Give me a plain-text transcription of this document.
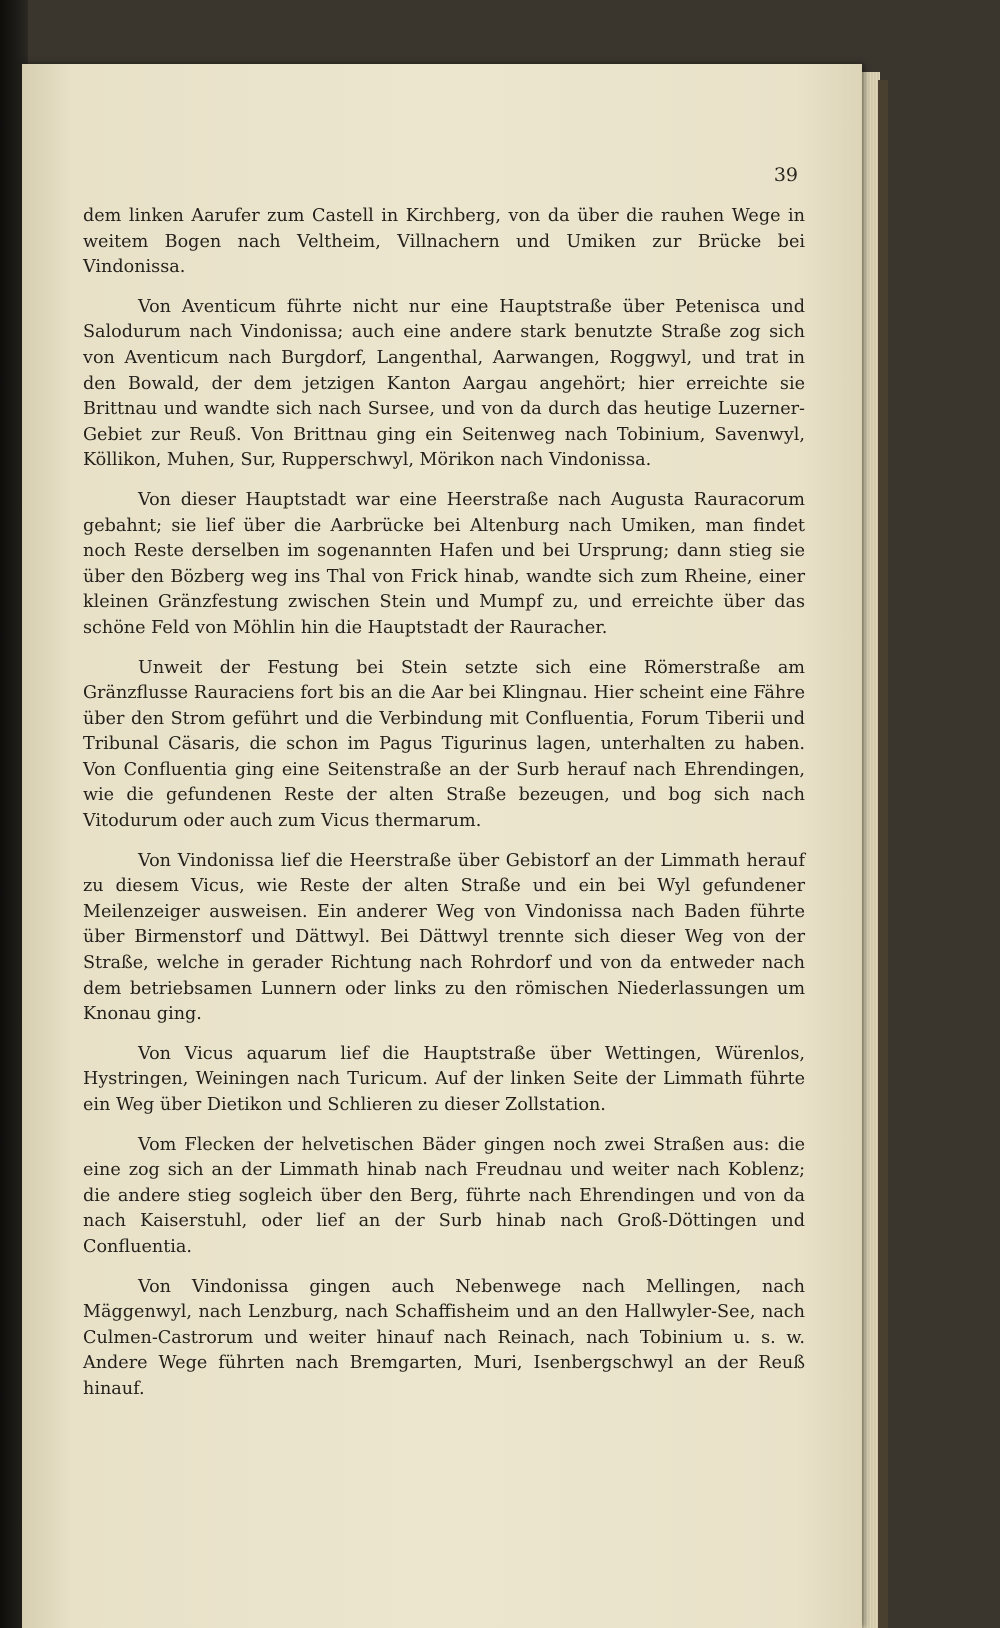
39

dem linken Aarufer zum Castell in Kirchberg, von da über die rauhen Wege in weitem Bogen nach Veltheim, Villnachern und Umiken zur Brücke bei Vindonissa.

Von Aventicum führte nicht nur eine Hauptstraße über Petenisca und Salodurum nach Vindonissa; auch eine andere stark benutzte Straße zog sich von Aventicum nach Burgdorf, Langenthal, Aarwangen, Roggwyl, und trat in den Bowald, der dem jetzigen Kanton Aargau angehört; hier erreichte sie Brittnau und wandte sich nach Sursee, und von da durch das heutige Luzerner-Gebiet zur Reuß. Von Brittnau ging ein Seitenweg nach Tobinium, Savenwyl, Köllikon, Muhen, Sur, Rupperschwyl, Mörikon nach Vindonissa.

Von dieser Hauptstadt war eine Heerstraße nach Augusta Rauracorum gebahnt; sie lief über die Aarbrücke bei Altenburg nach Umiken, man findet noch Reste derselben im sogenannten Hafen und bei Ursprung; dann stieg sie über den Bözberg weg ins Thal von Frick hinab, wandte sich zum Rheine, einer kleinen Gränzfestung zwischen Stein und Mumpf zu, und erreichte über das schöne Feld von Möhlin hin die Hauptstadt der Rauracher.

Unweit der Festung bei Stein setzte sich eine Römerstraße am Gränzflusse Rauraciens fort bis an die Aar bei Klingnau. Hier scheint eine Fähre über den Strom geführt und die Verbindung mit Confluentia, Forum Tiberii und Tribunal Cäsaris, die schon im Pagus Tigurinus lagen, unterhalten zu haben. Von Confluentia ging eine Seitenstraße an der Surb herauf nach Ehrendingen, wie die gefundenen Reste der alten Straße bezeugen, und bog sich nach Vitodurum oder auch zum Vicus thermarum.

Von Vindonissa lief die Heerstraße über Gebistorf an der Limmath herauf zu diesem Vicus, wie Reste der alten Straße und ein bei Wyl gefundener Meilenzeiger ausweisen. Ein anderer Weg von Vindonissa nach Baden führte über Birmenstorf und Dättwyl. Bei Dättwyl trennte sich dieser Weg von der Straße, welche in gerader Richtung nach Rohrdorf und von da entweder nach dem betriebsamen Lunnern oder links zu den römischen Niederlassungen um Knonau ging.

Von Vicus aquarum lief die Hauptstraße über Wettingen, Würenlos, Hystringen, Weiningen nach Turicum. Auf der linken Seite der Limmath führte ein Weg über Dietikon und Schlieren zu dieser Zollstation.

Vom Flecken der helvetischen Bäder gingen noch zwei Straßen aus: die eine zog sich an der Limmath hinab nach Freudnau und weiter nach Koblenz; die andere stieg sogleich über den Berg, führte nach Ehrendingen und von da nach Kaiserstuhl, oder lief an der Surb hinab nach Groß-Döttingen und Confluentia.

Von Vindonissa gingen auch Nebenwege nach Mellingen, nach Mäggenwyl, nach Lenzburg, nach Schaffisheim und an den Hallwyler-See, nach Culmen-Castrorum und weiter hinauf nach Reinach, nach Tobinium u. s. w. Andere Wege führten nach Bremgarten, Muri, Isenbergschwyl an der Reuß hinauf.
